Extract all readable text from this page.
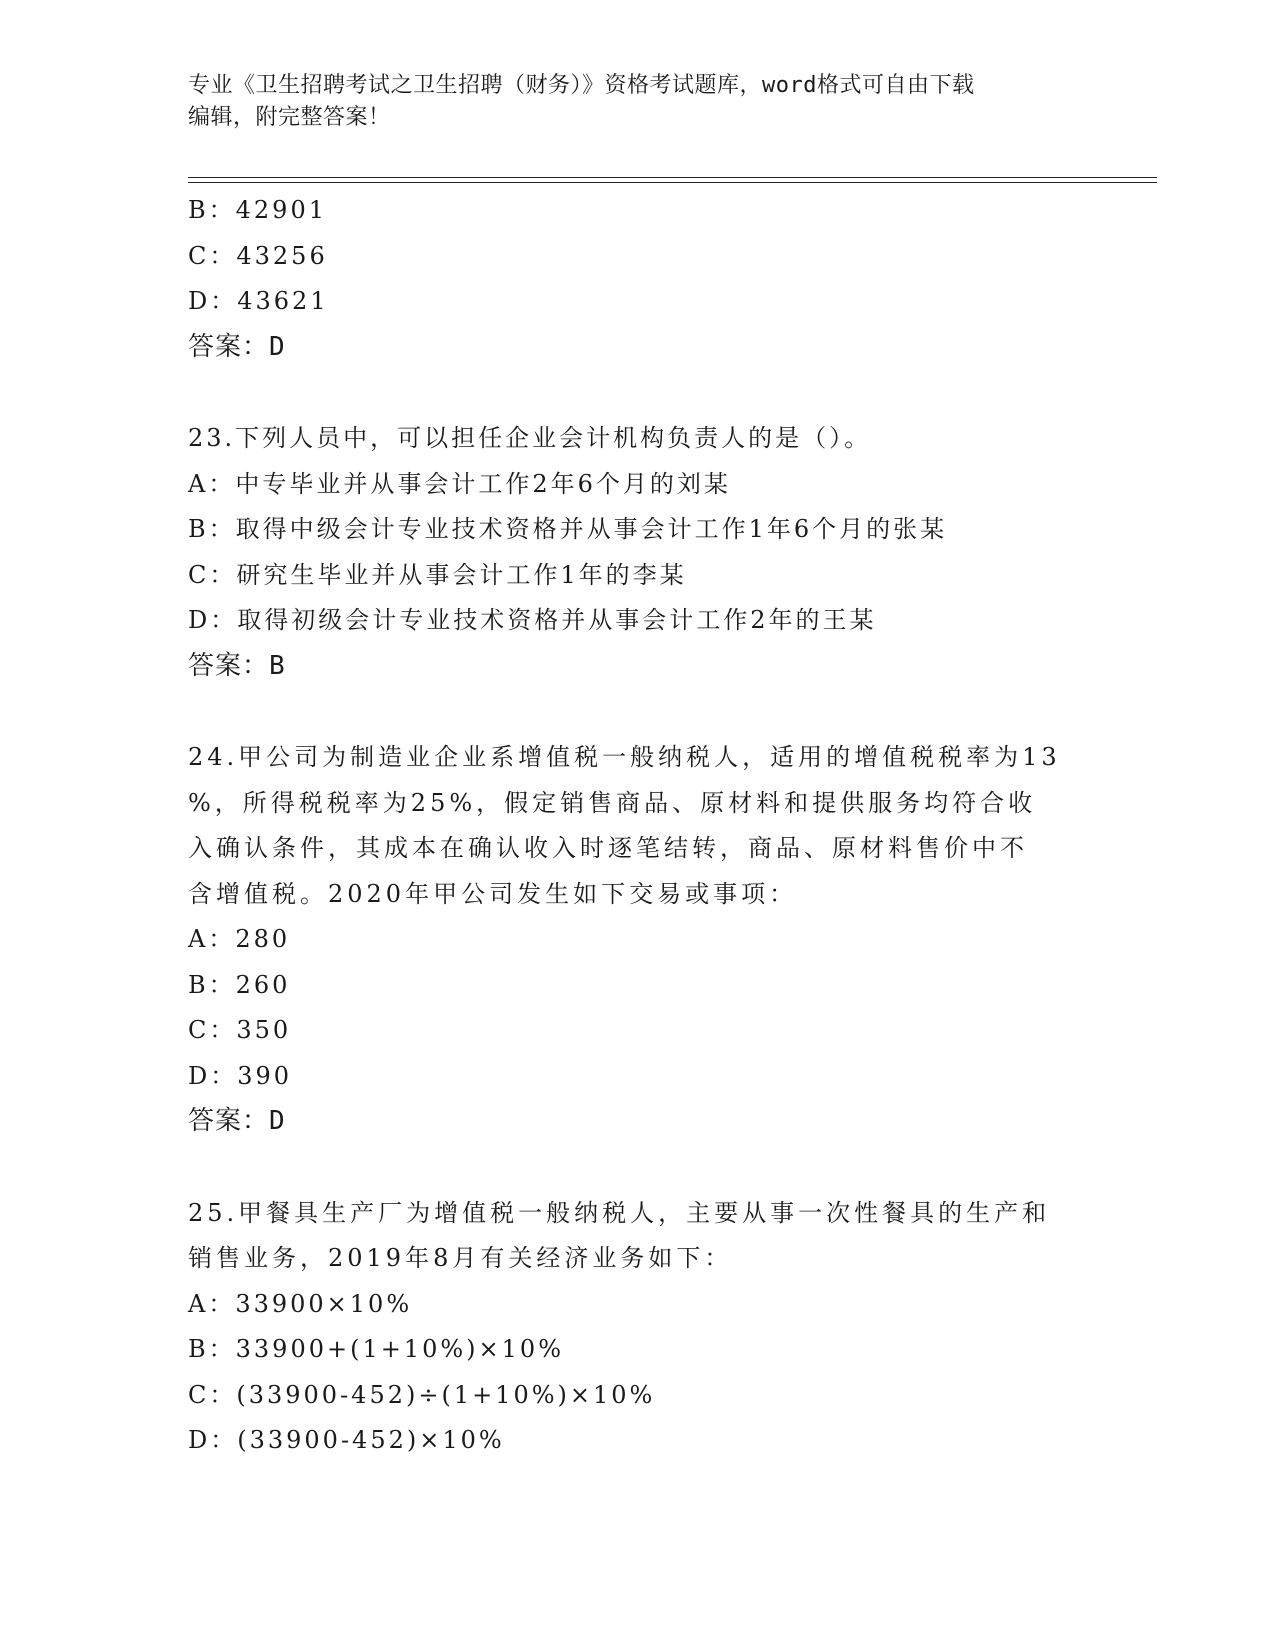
专业《卫生招聘考试之卫生招聘（财务）》资格考试题库，word格式可自由下载
编辑，附完整答案！
B：42901
C：43256
D：43621
答案：D
23.下列人员中，可以担任企业会计机构负责人的是（）。
A：中专毕业并从事会计工作2年6个月的刘某
B：取得中级会计专业技术资格并从事会计工作1年6个月的张某
C：研究生毕业并从事会计工作1年的李某
D：取得初级会计专业技术资格并从事会计工作2年的王某
答案：B
24.甲公司为制造业企业系增值税一般纳税人，适用的增值税税率为13
%，所得税税率为25%，假定销售商品、原材料和提供服务均符合收
入确认条件，其成本在确认收入时逐笔结转，商品、原材料售价中不
含增值税。2020年甲公司发生如下交易或事项：
A：280
B：260
C：350
D：390
答案：D
25.甲餐具生产厂为增值税一般纳税人，主要从事一次性餐具的生产和
销售业务，2019年8月有关经济业务如下：
A：33900×10%
B：33900+(1+10%)×10%
C：(33900-452)÷(1+10%)×10%
D：(33900-452)×10%
